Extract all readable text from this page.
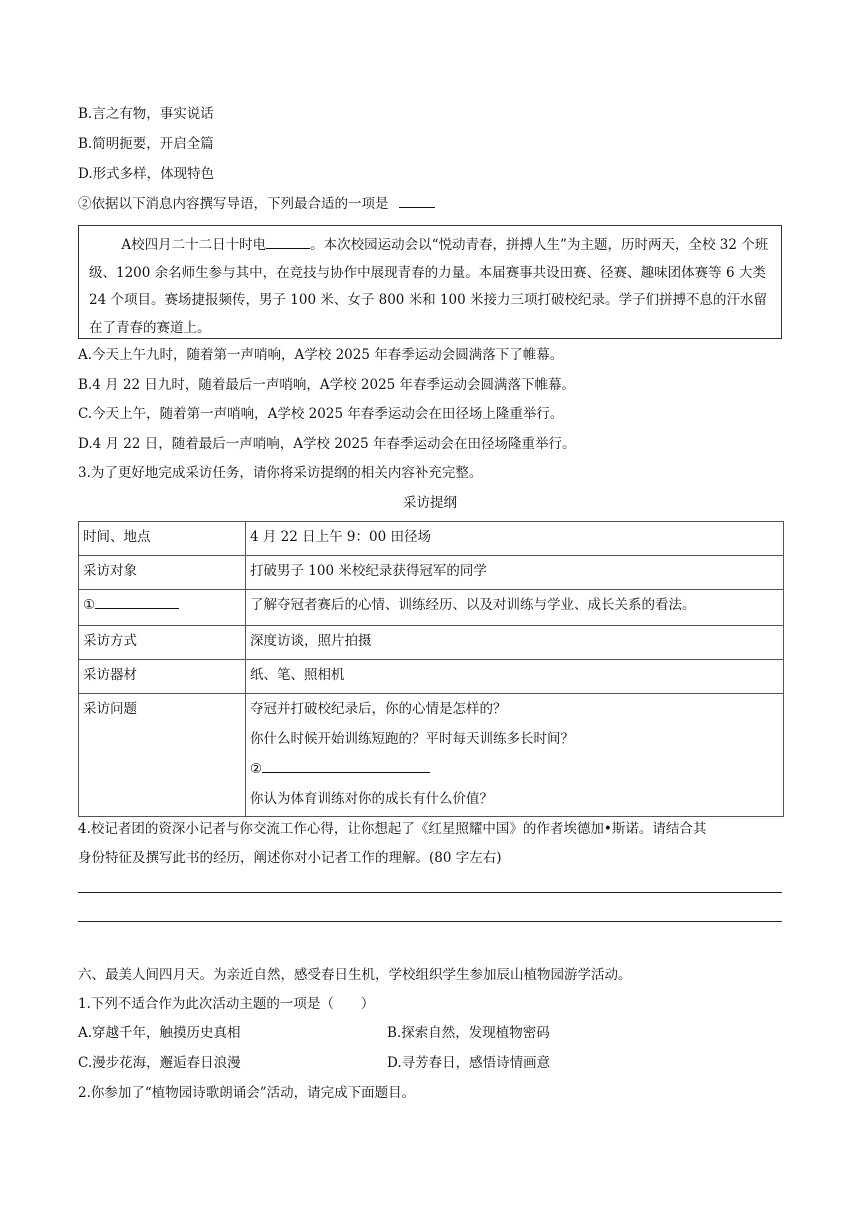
B.言之有物，事实说话
B.简明扼要，开启全篇
D.形式多样，体现特色
②依据以下消息内容撰写导语，下列最合适的一项是

A校四月二十二日十时电	。本次校园运动会以“悦动青春，拼搏人生”为主题，历时两天，全校 32 个班级、1200 余名师生参与其中，在竞技与协作中展现青春的力量。本届赛事共设田赛、径赛、趣味团体赛等 6 大类 24 个项目。赛场捷报频传，男子 100 米、女子 800 米和 100 米接力三项打破校纪录。学子们拼搏不息的汗水留在了青春的赛道上。

A.今天上午九时，随着第一声哨响，A学校 2025 年春季运动会圆满落下了帷幕。
B.4 月 22 日九时，随着最后一声哨响，A学校 2025 年春季运动会圆满落下帷幕。
C.今天上午，随着第一声哨响，A学校 2025 年春季运动会在田径场上隆重举行。
D.4 月 22 日，随着最后一声哨响，A学校 2025 年春季运动会在田径场隆重举行。
3.为了更好地完成采访任务，请你将采访提纲的相关内容补充完整。
采访提纲
时间、地点	4 月 22 日上午 9：00 田径场

采访对象	打破男子 100 米校纪录获得冠军的同学

①	了解夺冠者赛后的心情、训练经历、以及对训练与学业、成长关系的看法。

采访方式	深度访谈，照片拍摄

采访器材	纸、笔、照相机

采访问题	夺冠并打破校纪录后，你的心情是怎样的？
你什么时候开始训练短跑的？平时每天训练多长时间？
②
你认为体育训练对你的成长有什么价值？
4.校记者团的资深小记者与你交流工作心得，让你想起了《红星照耀中国》的作者埃德加•斯诺。请结合其
身份特征及撰写此书的经历，阐述你对小记者工作的理解。(80 字左右)
六、最美人间四月天。为亲近自然，感受春日生机，学校组织学生参加辰山植物园游学活动。
1.下列不适合作为此次活动主题的一项是（　　）
A.穿越千年，触摸历史真相	B.探索自然，发现植物密码
C.漫步花海，邂逅春日浪漫	D.寻芳春日，感悟诗情画意
2.你参加了“植物园诗歌朗诵会”活动，请完成下面题目。
